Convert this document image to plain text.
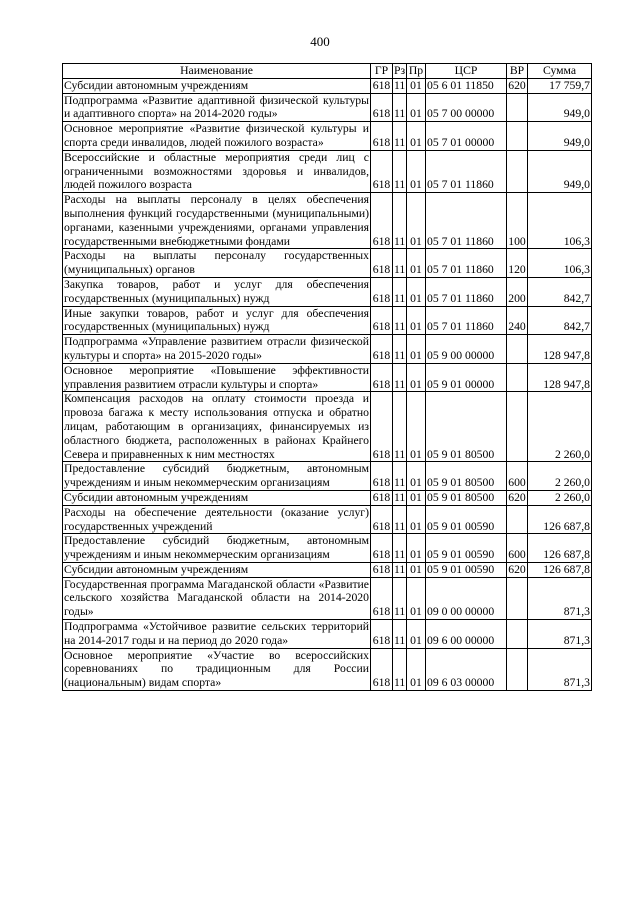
400
Наименование	ГР	Рз	Пр	ЦСР	ВР	Сумма
Субсидии автономным учреждениям	618	11	01	05 6 01 11850	620	17 759,7
Подпрограмма «Развитие адаптивной физической культуры и адаптивного спорта» на 2014-2020 годы»	618	11	01	05 7 00 00000		949,0
Основное мероприятие «Развитие физической культуры и спорта среди инвалидов, людей пожилого возраста»	618	11	01	05 7 01 00000		949,0
Всероссийские и областные мероприятия среди лиц с ограниченными возможностями здоровья и инвалидов, людей пожилого возраста	618	11	01	05 7 01 11860		949,0
Расходы на выплаты персоналу в целях обеспечения выполнения функций государственными (муниципальными) органами, казенными учреждениями, органами управления государственными внебюджетными фондами	618	11	01	05 7 01 11860	100	106,3
Расходы на выплаты персоналу государственных (муниципальных) органов	618	11	01	05 7 01 11860	120	106,3
Закупка товаров, работ и услуг для обеспечения государственных (муниципальных) нужд	618	11	01	05 7 01 11860	200	842,7
Иные закупки товаров, работ и услуг для обеспечения государственных (муниципальных) нужд	618	11	01	05 7 01 11860	240	842,7
Подпрограмма «Управление развитием отрасли физической культуры и спорта» на 2015-2020 годы»	618	11	01	05 9 00 00000		128 947,8
Основное мероприятие «Повышение эффективности управления развитием отрасли культуры и спорта»	618	11	01	05 9 01 00000		128 947,8
Компенсация расходов на оплату стоимости проезда и провоза багажа к месту использования отпуска и обратно лицам, работающим в организациях, финансируемых из областного бюджета, расположенных в районах Крайнего Севера и приравненных к ним местностях	618	11	01	05 9 01 80500		2 260,0
Предоставление субсидий бюджетным, автономным учреждениям и иным некоммерческим организациям	618	11	01	05 9 01 80500	600	2 260,0
Субсидии автономным учреждениям	618	11	01	05 9 01 80500	620	2 260,0
Расходы на обеспечение деятельности (оказание услуг) государственных учреждений	618	11	01	05 9 01 00590		126 687,8
Предоставление субсидий бюджетным, автономным учреждениям и иным некоммерческим организациям	618	11	01	05 9 01 00590	600	126 687,8
Субсидии автономным учреждениям	618	11	01	05 9 01 00590	620	126 687,8
Государственная программа Магаданской области «Развитие сельского хозяйства Магаданской области на 2014-2020 годы»	618	11	01	09 0 00 00000		871,3
Подпрограмма «Устойчивое развитие сельских территорий на 2014-2017 годы и на период до 2020 года»	618	11	01	09 6 00 00000		871,3
Основное мероприятие «Участие во всероссийских соревнованиях по традиционным для России (национальным) видам спорта»	618	11	01	09 6 03 00000		871,3
